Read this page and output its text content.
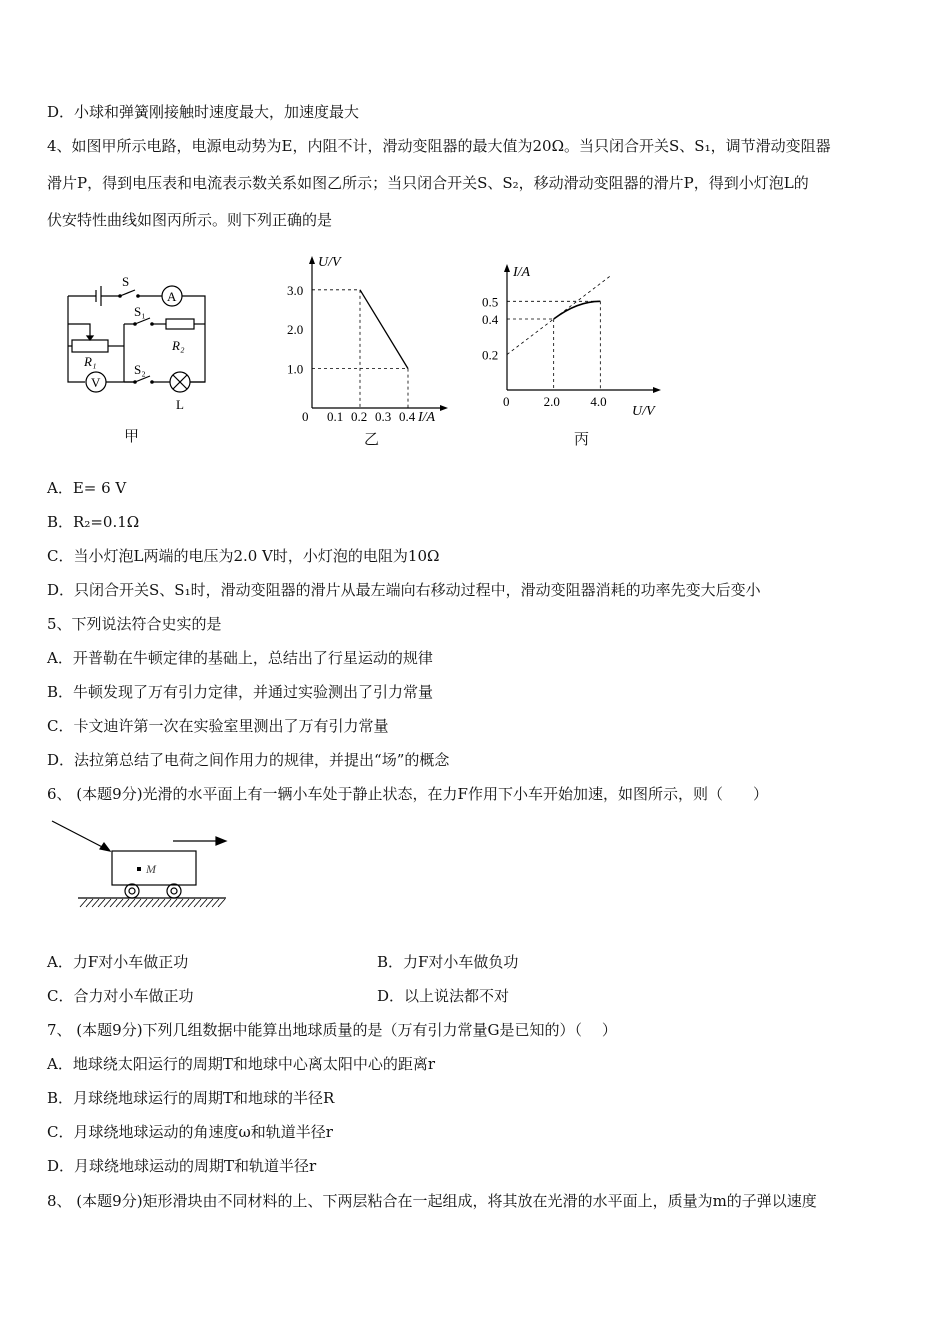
D．小球和弹簧刚接触时速度最大，加速度最大
4、如图甲所示电路，电源电动势为E，内阻不计，滑动变阻器的最大值为20Ω。当只闭合开关S、S₁，调节滑动变阻器
滑片P，得到电压表和电流表示数关系如图乙所示；当只闭合开关S、S₂，移动滑动变阻器的滑片P，得到小灯泡L的
伏安特性曲线如图丙所示。则下列正确的是
S
S₁
S₂
R₁
R₂
A
V
L
甲
U/V
I/A
3.0
2.0
1.0
0 0.1 0.2 0.3 0.4
乙
I/A
U/V
0.5
0.4
0.2
0	2.0 4.0
丙
A．E= 6 V
B．R₂=0.1Ω
C．当小灯泡L两端的电压为2.0 V时，小灯泡的电阻为10Ω
D．只闭合开关S、S₁时，滑动变阻器的滑片从最左端向右移动过程中，滑动变阻器消耗的功率先变大后变小
5、下列说法符合史实的是
A．开普勒在牛顿定律的基础上，总结出了行星运动的规律
B．牛顿发现了万有引力定律，并通过实验测出了引力常量
C．卡文迪许第一次在实验室里测出了万有引力常量
D．法拉第总结了电荷之间作用力的规律，并提出“场”的概念
6、 (本题9分)光滑的水平面上有一辆小车处于静止状态，在力F作用下小车开始加速，如图所示，则（　　）
M
A．力F对小车做正功	B．力F对小车做负功
C．合力对小车做正功	D．以上说法都不对
7、 (本题9分)下列几组数据中能算出地球质量的是（万有引力常量G是已知的）（　 ）
A．地球绕太阳运行的周期T和地球中心离太阳中心的距离r
B．月球绕地球运行的周期T和地球的半径R
C．月球绕地球运动的角速度ω和轨道半径r
D．月球绕地球运动的周期T和轨道半径r
8、 (本题9分)矩形滑块由不同材料的上、下两层粘合在一起组成，将其放在光滑的水平面上，质量为m的子弹以速度
